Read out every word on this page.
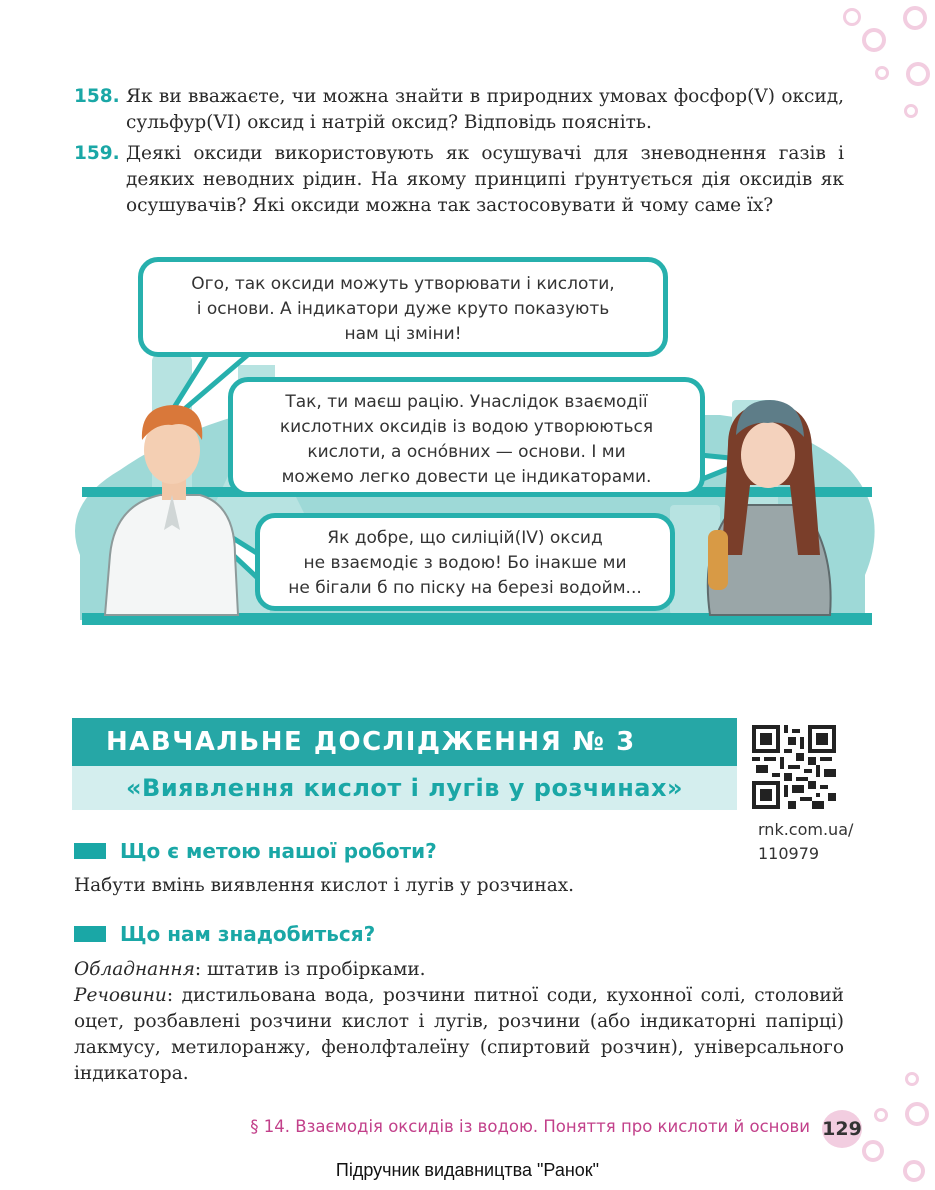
158. Як ви вважаєте, чи можна знайти в природних умовах фосфор(V) оксид, сульфур(VI) оксид і натрій оксид? Відповідь поясніть.
159. Деякі оксиди використовують як осушувачі для зневоднення газів і деяких неводних рідин. На якому принципі ґрунтується дія оксидів як осушувачів? Які оксиди можна так застосовувати й чому саме їх?
Ого, так оксиди можуть утворювати і кислоти,
і основи. А індикатори дуже круто показують
нам ці зміни!
Так, ти маєш рацію. Унаслідок взаємодії
кислотних оксидів із водою утворюються
кислоти, а осно́вних — основи. І ми
можемо легко довести це індикаторами.
Як добре, що силіцій(IV) оксид
не взаємодіє з водою! Бо інакше ми
не бігали б по піску на березі водойм...
НАВЧАЛЬНЕ ДОСЛІДЖЕННЯ № 3
«Виявлення кислот і лугів у розчинах»
rnk.com.ua/
110979
Що є метою нашої роботи?
Набути вмінь виявлення кислот і лугів у розчинах.
Що нам знадобиться?
Обладнання: штатив із пробірками.
Речовини: дистильована вода, розчини питної соди, кухонної солі, столовий оцет, розбавлені розчини кислот і лугів, розчини (або індикаторні папірці) лакмусу, метилоранжу, фенолфталеїну (спиртовий розчин), універсального індикатора.
§ 14. Взаємодія оксидів із водою. Поняття про кислоти й основи 129
Підручник видавництва "Ранок"
